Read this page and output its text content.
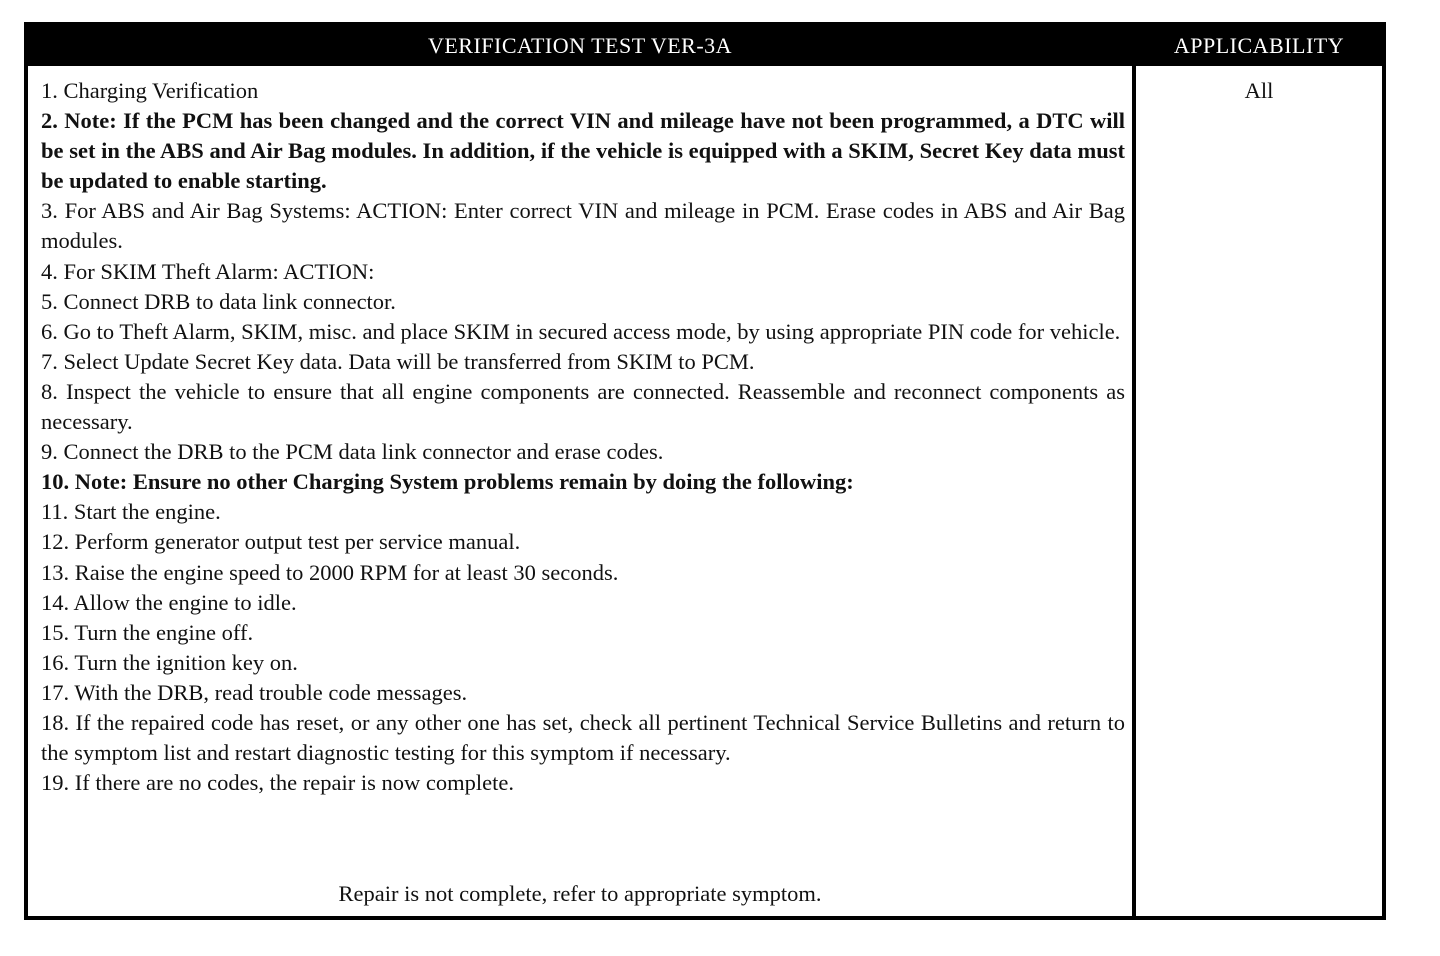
VERIFICATION TEST VER-3A	APPLICABILITY
1. Charging Verification
2. Note: If the PCM has been changed and the correct VIN and mileage have not been programmed, a DTC will be set in the ABS and Air Bag modules. In addition, if the vehicle is equipped with a SKIM, Secret Key data must be updated to enable starting.
3. For ABS and Air Bag Systems: ACTION: Enter correct VIN and mileage in PCM. Erase codes in ABS and Air Bag modules.
4. For SKIM Theft Alarm: ACTION:
5. Connect DRB to data link connector.
6. Go to Theft Alarm, SKIM, misc. and place SKIM in secured access mode, by using appropriate PIN code for vehicle.
7. Select Update Secret Key data. Data will be transferred from SKIM to PCM.
8. Inspect the vehicle to ensure that all engine components are connected. Reassemble and reconnect components as necessary.
9. Connect the DRB to the PCM data link connector and erase codes.
10. Note: Ensure no other Charging System problems remain by doing the following:
11. Start the engine.
12. Perform generator output test per service manual.
13. Raise the engine speed to 2000 RPM for at least 30 seconds.
14. Allow the engine to idle.
15. Turn the engine off.
16. Turn the ignition key on.
17. With the DRB, read trouble code messages.
18. If the repaired code has reset, or any other one has set, check all pertinent Technical Service Bulletins and return to the symptom list and restart diagnostic testing for this symptom if necessary.
19. If there are no codes, the repair is now complete.
Repair is not complete, refer to appropriate symptom.
All
